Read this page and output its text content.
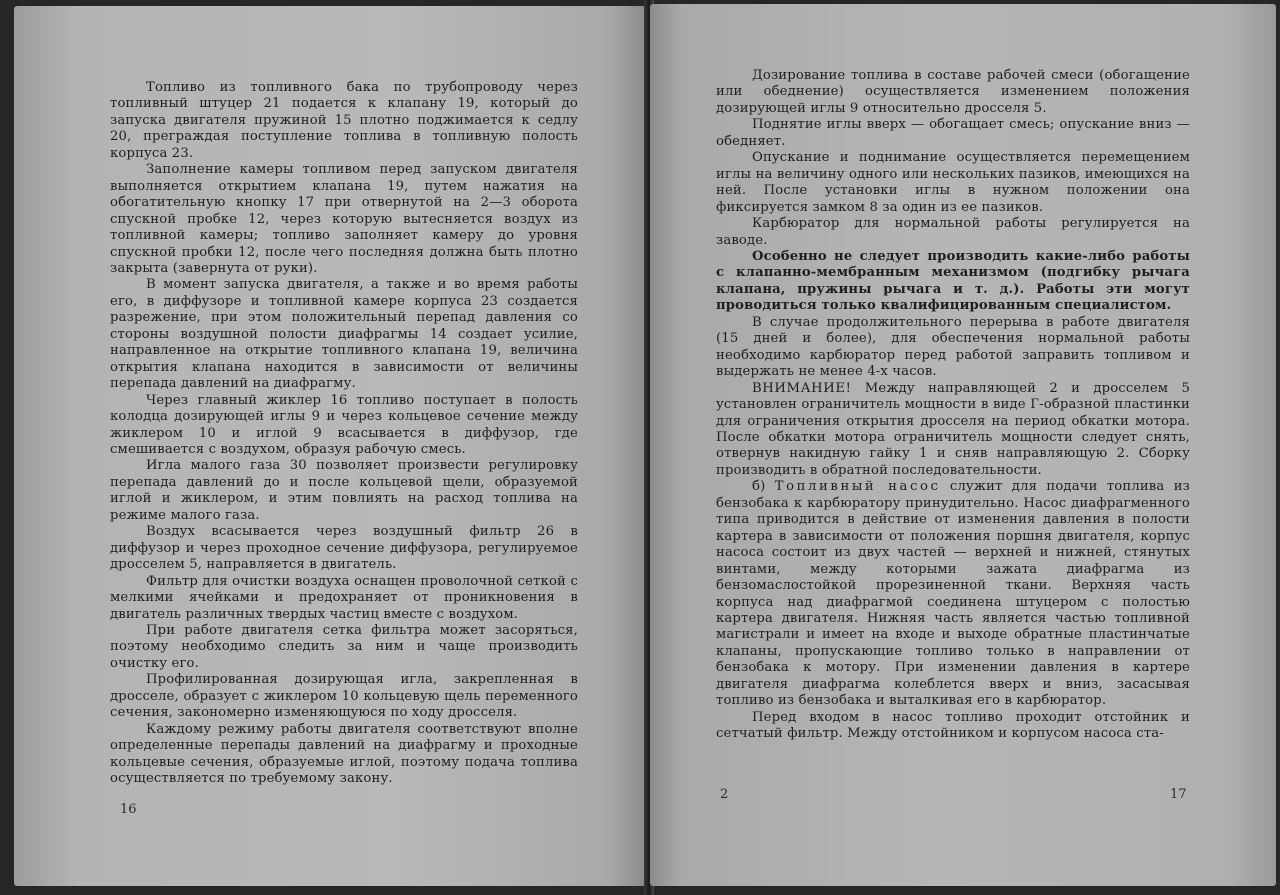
Топливо из топливного бака по трубопроводу через топливный штуцер 21 подается к клапану 19, который до запуска двигателя пружиной 15 плотно поджимается к седлу 20, преграждая поступление топлива в топливную полость корпуса 23.

Заполнение камеры топливом перед запуском двигателя выполняется открытием клапана 19, путем нажатия на обогатительную кнопку 17 при отвернутой на 2—3 оборота спускной пробке 12, через которую вытесняется воздух из топливной камеры; топливо заполняет камеру до уровня спускной пробки 12, после чего последняя должна быть плотно закрыта (завернута от руки).

В момент запуска двигателя, а также и во время работы его, в диффузоре и топливной камере корпуса 23 создается разрежение, при этом положительный перепад давления со стороны воздушной полости диафрагмы 14 создает усилие, направленное на открытие топливного клапана 19, величина открытия клапана находится в зависимости от величины перепада давлений на диафрагму.

Через главный жиклер 16 топливо поступает в полость колодца дозирующей иглы 9 и через кольцевое сечение между жиклером 10 и иглой 9 всасывается в диффузор, где смешивается с воздухом, образуя рабочую смесь.

Игла малого газа 30 позволяет произвести регулировку перепада давлений до и после кольцевой щели, образуемой иглой и жиклером, и этим повлиять на расход топлива на режиме малого газа.

Воздух всасывается через воздушный фильтр 26 в диффузор и через проходное сечение диффузора, регулируемое дросселем 5, направляется в двигатель.

Фильтр для очистки воздуха оснащен проволочной сеткой с мелкими ячейками и предохраняет от проникновения в двигатель различных твердых частиц вместе с воздухом.

При работе двигателя сетка фильтра может засоряться, поэтому необходимо следить за ним и чаще производить очистку его.

Профилированная дозирующая игла, закрепленная в дросселе, образует с жиклером 10 кольцевую щель переменного сечения, закономерно изменяющуюся по ходу дросселя.

Каждому режиму работы двигателя соответствуют вполне определенные перепады давлений на диафрагму и проходные кольцевые сечения, образуемые иглой, поэтому подача топлива осуществляется по требуемому закону.

16

Дозирование топлива в составе рабочей смеси (обогащение или обеднение) осуществляется изменением положения дозирующей иглы 9 относительно дросселя 5.

Поднятие иглы вверх — обогащает смесь; опускание вниз — обедняет.

Опускание и поднимание осуществляется перемещением иглы на величину одного или нескольких пазиков, имеющихся на ней. После установки иглы в нужном положении она фиксируется замком 8 за один из ее пазиков.

Карбюратор для нормальной работы регулируется на заводе.

Особенно не следует производить какие-либо работы с клапанно-мембранным механизмом (подгибку рычага клапана, пружины рычага и т. д.). Работы эти могут проводиться только квалифицированным специалистом.

В случае продолжительного перерыва в работе двигателя (15 дней и более), для обеспечения нормальной работы необходимо карбюратор перед работой заправить топливом и выдержать не менее 4-х часов.

ВНИМАНИЕ! Между направляющей 2 и дросселем 5 установлен ограничитель мощности в виде Г-образной пластинки для ограничения открытия дросселя на период обкатки мотора. После обкатки мотора ограничитель мощности следует снять, отвернув накидную гайку 1 и сняв направляющую 2. Сборку производить в обратной последовательности.

б) Топливный насос служит для подачи топлива из бензобака к карбюратору принудительно. Насос диафрагменного типа приводится в действие от изменения давления в полости картера в зависимости от положения поршня двигателя, корпус насоса состоит из двух частей — верхней и нижней, стянутых винтами, между которыми зажата диафрагма из бензомаслостойкой прорезиненной ткани. Верхняя часть корпуса над диафрагмой соединена штуцером с полостью картера двигателя. Нижняя часть является частью топливной магистрали и имеет на входе и выходе обратные пластинчатые клапаны, пропускающие топливо только в направлении от бензобака к мотору. При изменении давления в картере двигателя диафрагма колеблется вверх и вниз, засасывая топливо из бензобака и выталкивая его в карбюратор.

Перед входом в насос топливо проходит отстойник и сетчатый фильтр. Между отстойником и корпусом насоса ста-

2	17
